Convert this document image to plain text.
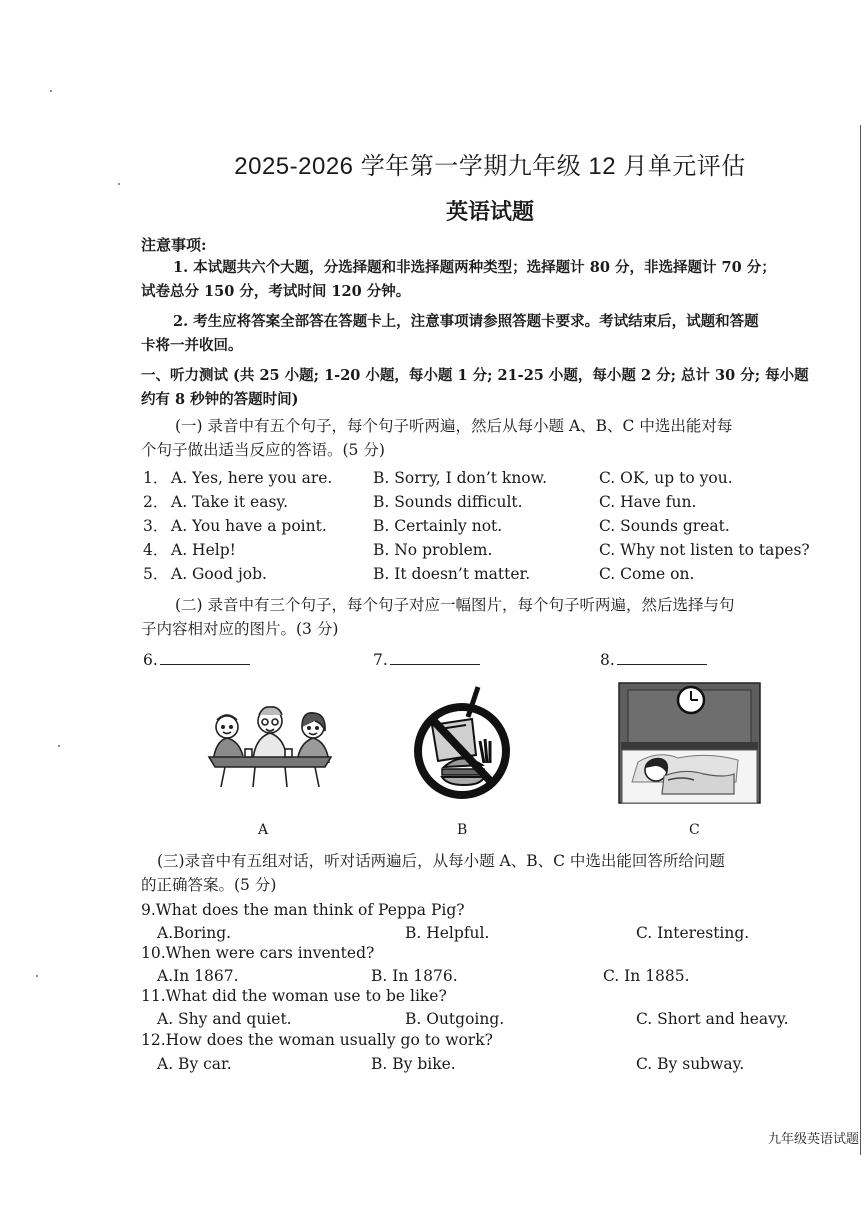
2025-2026 学年第一学期九年级 12 月单元评估
英语试题
注意事项:
1. 本试题共六个大题，分选择题和非选择题两种类型；选择题计 80 分，非选择题计 70 分；
试卷总分 150 分，考试时间 120 分钟。
2. 考生应将答案全部答在答题卡上，注意事项请参照答题卡要求。考试结束后，试题和答题
卡将一并收回。
一、听力测试 (共 25 小题; 1-20 小题，每小题 1 分; 21-25 小题，每小题 2 分; 总计 30 分; 每小题
约有 8 秒钟的答题时间)
(一) 录音中有五个句子，每个句子听两遍，然后从每小题 A、B、C 中选出能对每
个句子做出适当反应的答语。(5 分)
1． A. Yes, here you are.	B. Sorry, I don’t know.	C. OK, up to you.
2． A. Take it easy.	B. Sounds difficult.	C. Have fun.
3． A. You have a point.	B. Certainly not.	C. Sounds great.
4． A. Help!	B. No problem.	C. Why not listen to tapes?
5． A. Good job.	B. It doesn’t matter.	C. Come on.
(二) 录音中有三个句子，每个句子对应一幅图片，每个句子听两遍，然后选择与句
子内容相对应的图片。(3 分)
6.	7.	8.
A	B	C
(三)录音中有五组对话，听对话两遍后，从每小题 A、B、C 中选出能回答所给问题
的正确答案。(5 分)
9.What does the man think of Peppa Pig?
A.Boring.	B. Helpful.	C. Interesting.
10.When were cars invented?
A.In 1867.	B. In 1876.	C. In 1885.
11.What did the woman use to be like?
A. Shy and quiet.	B. Outgoing.	C. Short and heavy.
12.How does the woman usually go to work?
A. By car.	B. By bike.	C. By subway.
九年级英语试题
